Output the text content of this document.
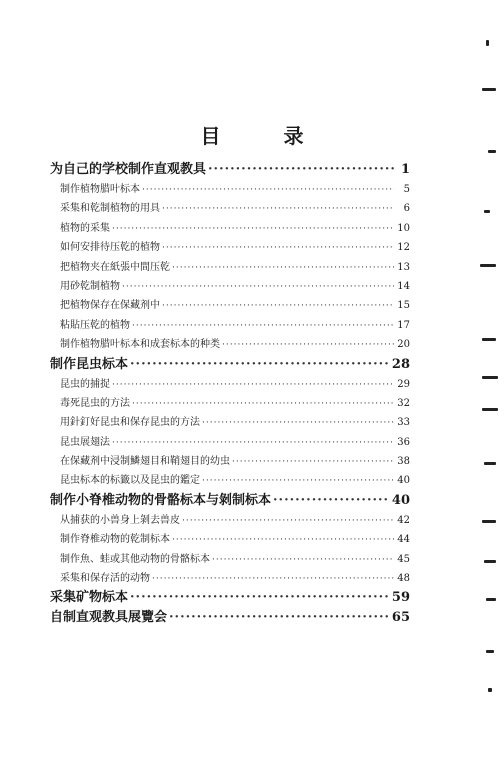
目 录
为自己的学校制作直观教具 ·····	1
制作植物腊叶标本 ·····	5
采集和乾制植物的用具 ·····	6
植物的采集 ·····	10
如何安排待压乾的植物 ·····	12
把植物夹在紙張中間压乾 ·····	13
用砂乾制植物 ·····	14
把植物保存在保藏剂中 ·····	15
粘貼压乾的植物 ·····	17
制作植物腊叶标本和成套标本的种类 ·····	20
制作昆虫标本 ·····	28
昆虫的捕捉 ·····	29
毒死昆虫的方法 ·····	32
用針釘好昆虫和保存昆虫的方法 ·····	33
昆虫展翅法 ·····	36
在保藏剂中浸制鱗翅目和鞘翅目的幼虫 ·····	38
昆虫标本的标籤以及昆虫的鑑定 ·····	40
制作小脊椎动物的骨骼标本与剝制标本 ·····	40
从捕获的小兽身上剝去兽皮 ·····	42
制作脊椎动物的乾制标本 ·····	44
制作魚、蛙或其他动物的骨骼标本 ·····	45
采集和保存活的动物 ·····	48
采集矿物标本 ·····	59
自制直观教具展覽会 ·····	65
